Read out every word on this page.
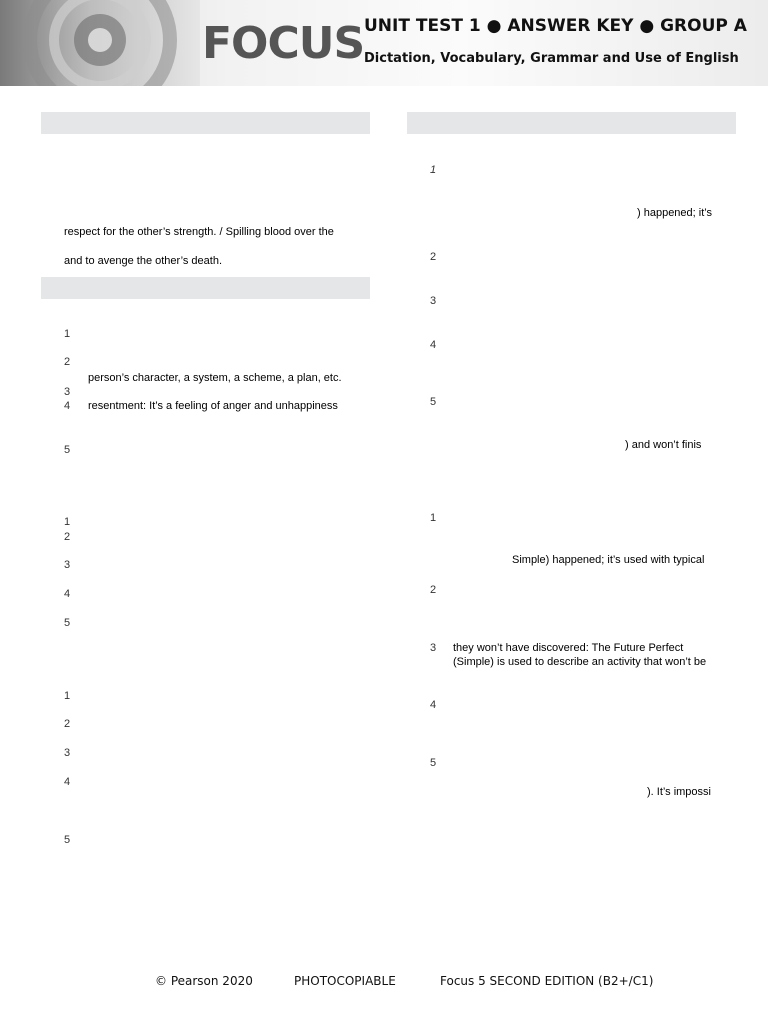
FOCUS UNIT TEST 1 ● ANSWER KEY ● GROUP A
Dictation, Vocabulary, Grammar and Use of English
respect for the other’s strength. / Spilling blood over the
and to avenge the other’s death.
1
2
person’s character, a system, a scheme, a plan, etc.
3
4 resentment: It’s a feeling of anger and unhappiness
5
1
2
3
4
5
1
2
3
4
5
1
) happened; it’s
2
3
4
5
) and won’t finis
1
Simple) happened; it’s used with typical
2
3 they won’t have discovered: The Future Perfect
(Simple) is used to describe an activity that won’t be
4
5
). It’s impossi
© Pearson 2020	PHOTOCOPIABLE	Focus 5 SECOND EDITION (B2+/C1)
